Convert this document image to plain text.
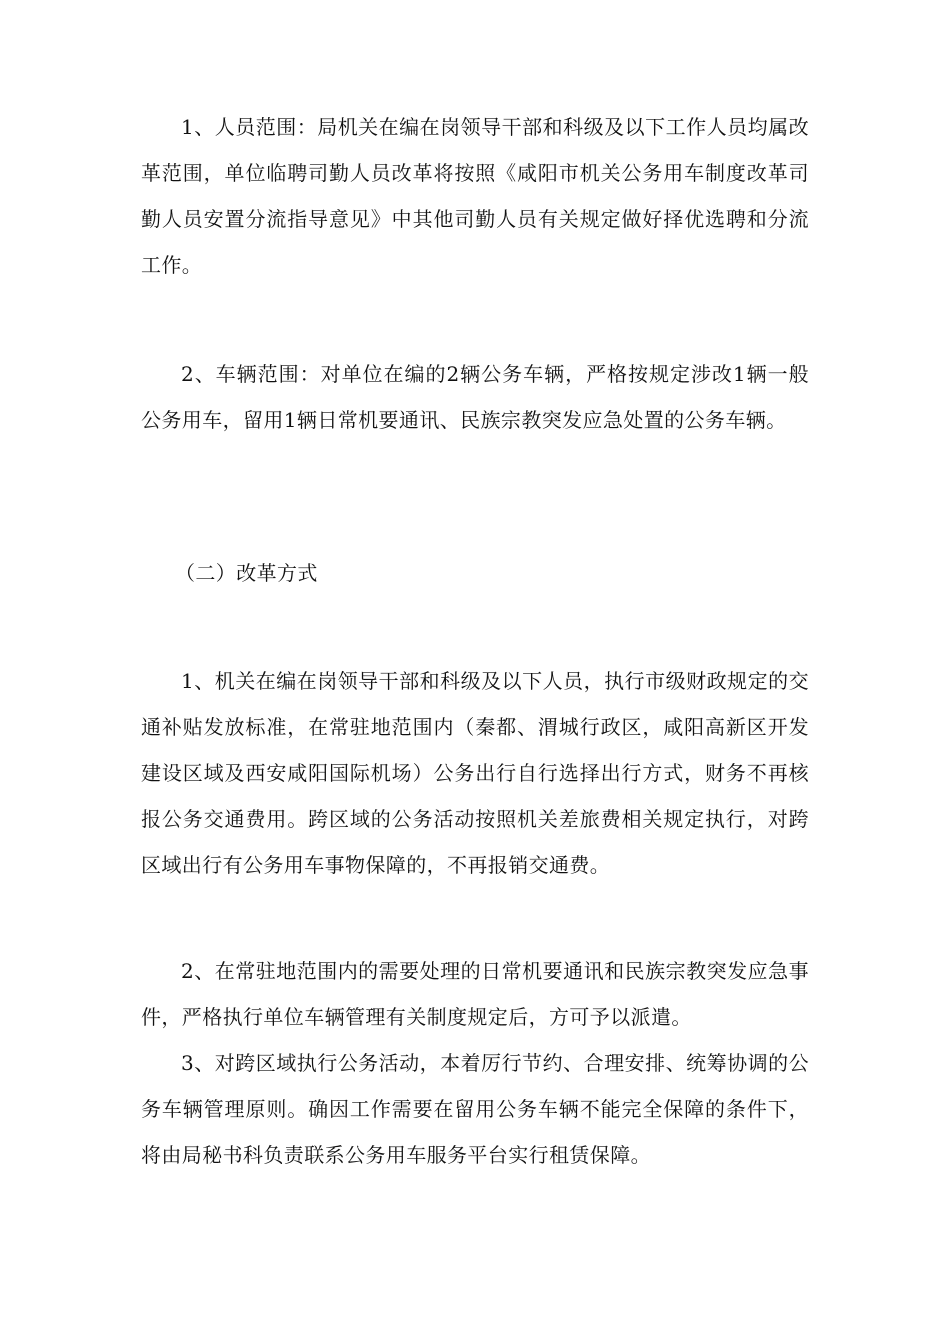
1、人员范围：局机关在编在岗领导干部和科级及以下工作人员均属改革范围，单位临聘司勤人员改革将按照《咸阳市机关公务用车制度改革司勤人员安置分流指导意见》中其他司勤人员有关规定做好择优选聘和分流工作。

2、车辆范围：对单位在编的2辆公务车辆，严格按规定涉改1辆一般公务用车，留用1辆日常机要通讯、民族宗教突发应急处置的公务车辆。

（二）改革方式

1、机关在编在岗领导干部和科级及以下人员，执行市级财政规定的交通补贴发放标准，在常驻地范围内（秦都、渭城行政区，咸阳高新区开发建设区域及西安咸阳国际机场）公务出行自行选择出行方式，财务不再核报公务交通费用。跨区域的公务活动按照机关差旅费相关规定执行，对跨区域出行有公务用车事物保障的，不再报销交通费。

2、在常驻地范围内的需要处理的日常机要通讯和民族宗教突发应急事件，严格执行单位车辆管理有关制度规定后，方可予以派遣。

3、对跨区域执行公务活动，本着厉行节约、合理安排、统筹协调的公务车辆管理原则。确因工作需要在留用公务车辆不能完全保障的条件下，将由局秘书科负责联系公务用车服务平台实行租赁保障。
